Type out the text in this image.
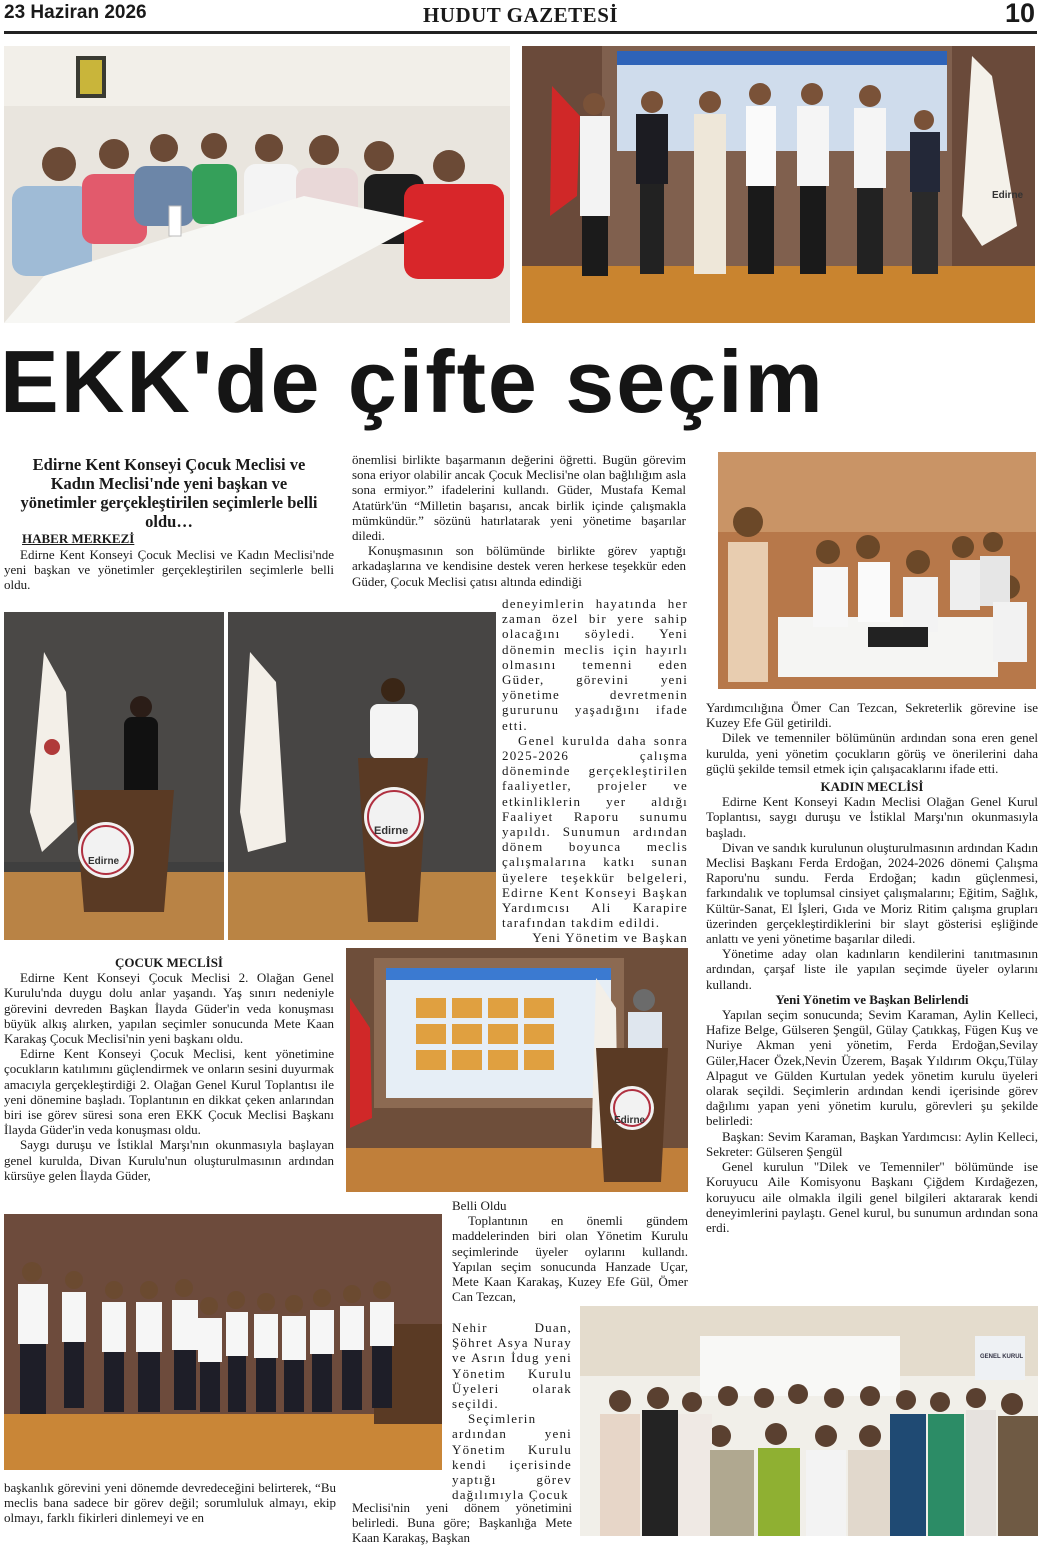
23 Haziran 2026	HUDUT GAZETESİ	10
Edirne
EKK'de çifte seçim
Edirne Kent Konseyi Çocuk Meclisi ve Kadın Meclisi'nde yeni başkan ve yönetimler gerçekleştirilen seçimlerle belli oldu…
HABER MERKEZİ

Edirne Kent Konseyi Çocuk Meclisi ve Kadın Meclisi'nde yeni başkan ve yönetimler gerçekleştirilen seçimlerle belli oldu.

Edirne
Edirne

önemlisi birlikte başarmanın değerini öğretti. Bugün görevim sona eriyor olabilir ancak Çocuk Meclisi'ne olan bağlılığım asla sona ermiyor.” ifadelerini kullandı. Güder, Mustafa Kemal Atatürk'ün “Milletin başarısı, ancak birlik içinde çalışmakla mümkündür.” sözünü hatırlatarak yeni yönetime başarılar diledi.

Konuşmasının son bölümünde birlikte görev yaptığı arkadaşlarına ve kendisine destek veren herkese teşekkür eden Güder, Çocuk Meclisi çatısı altında edindiği

deneyimlerin hayatında her zaman özel bir yere sahip olacağını söyledi. Yeni dönemin meclis için hayırlı olmasını temenni eden Güder, görevini yeni yönetime devretmenin gururunu yaşadığını ifade etti.

Genel kurulda daha sonra 2025-2026 çalışma döneminde gerçekleştirilen faaliyetler, projeler ve etkinliklerin yer aldığı Faaliyet Raporu sunumu yapıldı. Sunumun ardından dönem boyunca meclis çalışmalarına katkı sunan üyelere teşekkür belgeleri, Edirne Kent Konseyi Başkan Yardımcısı Ali Karapire tarafından takdim edildi.

Yeni Yönetim ve Başkan

Yardımcılığına Ömer Can Tezcan, Sekreterlik görevine ise Kuzey Efe Gül getirildi.

Dilek ve temenniler bölümünün ardından sona eren genel kurulda, yeni yönetim çocukların görüş ve önerilerini daha güçlü şekilde temsil etmek için çalışacaklarını ifade etti.

KADIN MECLİSİ

Edirne Kent Konseyi Kadın Meclisi Olağan Genel Kurul Toplantısı, saygı duruşu ve İstiklal Marşı'nın okunmasıyla başladı.

Divan ve sandık kurulunun oluşturulmasının ardından Kadın Meclisi Başkanı Ferda Erdoğan, 2024-2026 dönemi Çalışma Raporu'nu sundu. Ferda Erdoğan; kadın güçlenmesi, farkındalık ve toplumsal cinsiyet çalışmalarını; Eğitim, Sağlık, Kültür-Sanat, El İşleri, Gıda ve Moriz Ritim çalışma grupları üzerinden gerçekleştirdiklerini bir slayt gösterisi eşliğinde anlattı ve yeni yönetime başarılar diledi.

Yönetime aday olan kadınların kendilerini tanıtmasının ardından, çarşaf liste ile yapılan seçimde üyeler oylarını kullandı.

Yeni Yönetim ve Başkan Belirlendi

Yapılan seçim sonucunda; Sevim Karaman, Aylin Kelleci, Hafize Belge, Gülseren Şengül, Gülay Çatıkkaş, Fügen Kuş ve Nuriye Akman yeni yönetim, Ferda Erdoğan,Sevilay Güler,Hacer Özek,Nevin Üzerem, Başak Yıldırım Okçu,Tülay Alpagut ve Gülden Kurtulan yedek yönetim kurulu üyeleri olarak seçildi. Seçimlerin ardından kendi içerisinde görev dağılımı yapan yeni yönetim kurulu, görevleri şu şekilde belirledi:

Başkan: Sevim Karaman, Başkan Yardımcısı: Aylin Kelleci, Sekreter: Gülseren Şengül

Genel kurulun "Dilek ve Temenniler" bölümünde ise Koruyucu Aile Komisyonu Başkanı Çiğdem Kırdağezen, koruyucu aile olmakla ilgili genel bilgileri aktararak kendi deneyimlerini paylaştı. Genel kurul, bu sunumun ardından sona erdi.

ÇOCUK MECLİSİ

Edirne Kent Konseyi Çocuk Meclisi 2. Olağan Genel Kurulu'nda duygu dolu anlar yaşandı. Yaş sınırı nedeniyle görevini devreden Başkan İlayda Güder'in veda konuşması büyük alkış alırken, yapılan seçimler sonucunda Mete Kaan Karakaş Çocuk Meclisi'nin yeni başkanı oldu.

Edirne Kent Konseyi Çocuk Meclisi, kent yönetimine çocukların katılımını güçlendirmek ve onların sesini duyurmak amacıyla gerçekleştirdiği 2. Olağan Genel Kurul Toplantısı ile yeni dönemine başladı. Toplantının en dikkat çeken anlarından biri ise görev süresi sona eren EKK Çocuk Meclisi Başkanı İlayda Güder'in veda konuşması oldu.

Saygı duruşu ve İstiklal Marşı'nın okunmasıyla başlayan genel kurulda, Divan Kurulu'nun oluşturulmasının ardından kürsüye gelen İlayda Güder,

Edirne

başkanlık görevini yeni dönemde devredeceğini belirterek, “Bu meclis bana sadece bir görev değil; sorumluluk almayı, ekip olmayı, farklı fikirleri dinlemeyi ve en

Belli Oldu

Toplantının en önemli gündem maddelerinden biri olan Yönetim Kurulu seçimlerinde üyeler oylarını kullandı. Yapılan seçim sonucunda Hanzade Uçar, Mete Kaan Karakaş, Kuzey Efe Gül, Ömer Can Tezcan,

Nehir Duan, Şöhret Asya Nuray ve Asrın İdug yeni Yönetim Kurulu Üyeleri olarak seçildi.

Seçimlerin ardından yeni Yönetim Kurulu kendi içerisinde yaptığı görev dağılımıyla Çocuk

Meclisi'nin yeni dönem yönetimini belirledi. Buna göre; Başkanlığa Mete Kaan Karakaş, Başkan

GENEL KURUL
